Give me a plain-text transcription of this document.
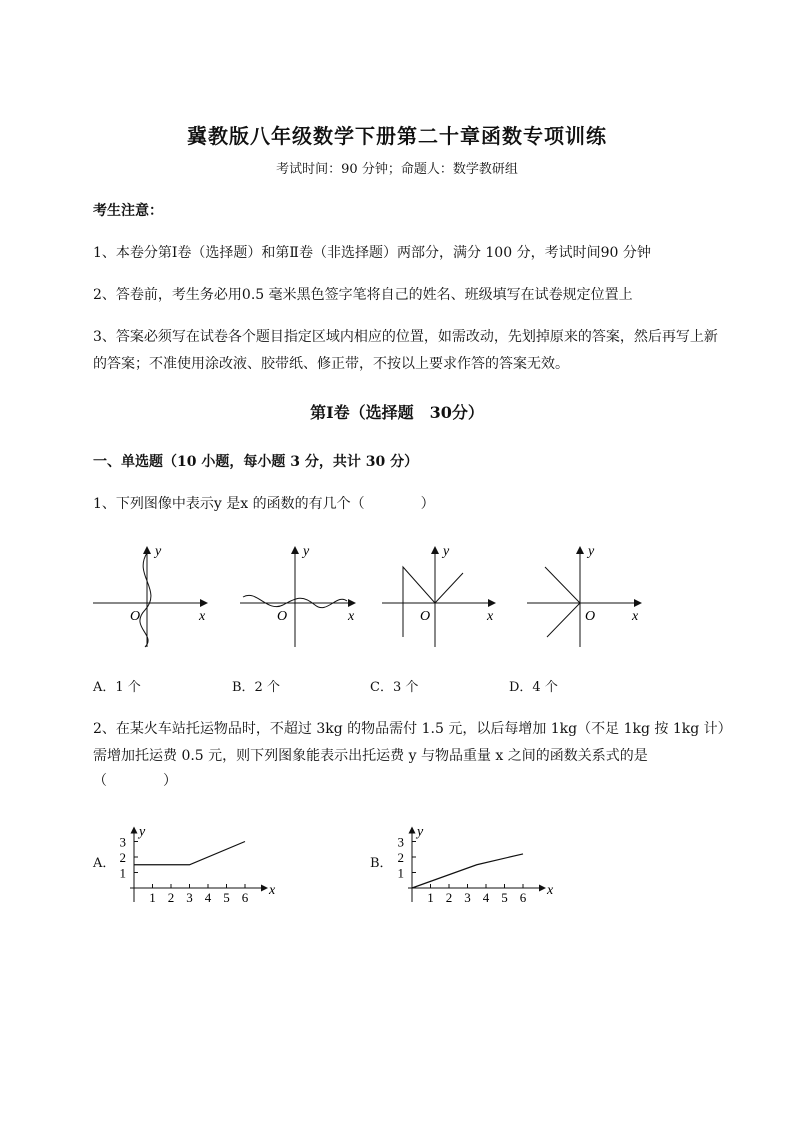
冀教版八年级数学下册第二十章函数专项训练
考试时间：90 分钟；命题人：数学教研组
考生注意：
1、本卷分第Ⅰ卷（选择题）和第Ⅱ卷（非选择题）两部分，满分 100 分，考试时间90 分钟
2、答卷前，考生务必用0.5 毫米黑色签字笔将自己的姓名、班级填写在试卷规定位置上
3、答案必须写在试卷各个题目指定区域内相应的位置，如需改动，先划掉原来的答案，然后再写上新
的答案；不准使用涂改液、胶带纸、修正带，不按以上要求作答的答案无效。
第Ⅰ卷（选择题　30分）
一、单选题（10 小题，每小题 3 分，共计 30 分）
1、下列图像中表示y 是x 的函数的有几个（　　　　）
y
O	x
y
O	x
y
O	x
y
O	x
A．1 个	B．2 个	C．3 个	D．4 个
2、在某火车站托运物品时，不超过 3kg 的物品需付 1.5 元，以后每增加 1kg（不足 1kg 按 1kg 计）
需增加托运费 0.5 元，则下列图象能表示出托运费 y 与物品重量 x 之间的函数关系式的是
（　　　　）
A．	B．
1 2 3 4 5 6
1
2
3
x
y
1 2 3 4 5 6
1
2
3
x
y
